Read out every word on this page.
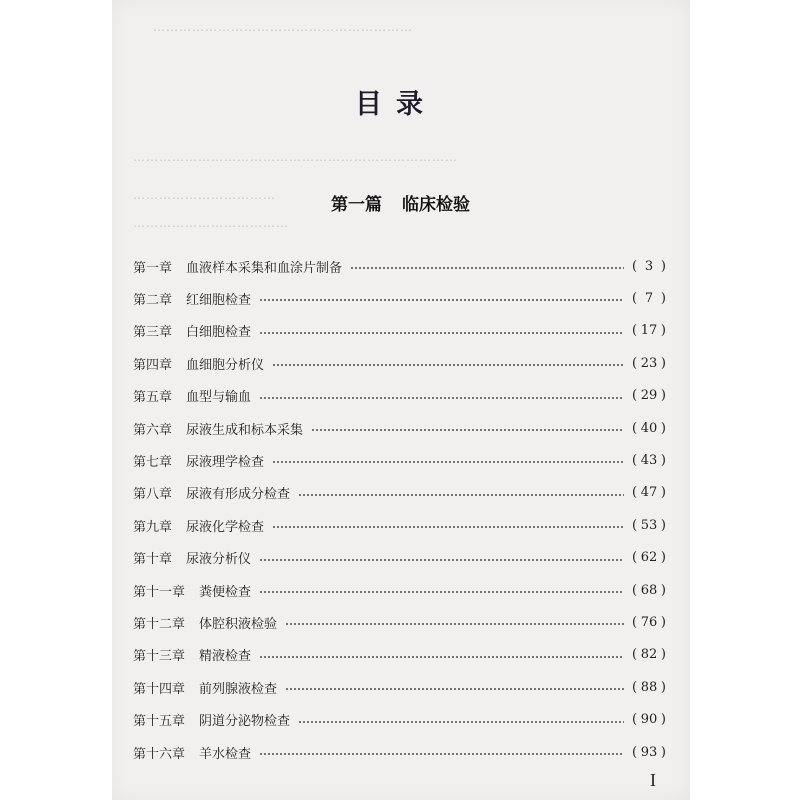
……………………………………………………
…………………………………………………………………
……………………………
………………………………
目录
第一篇 临床检验
第一章 血液样本采集和血涂片制备	( 3 )
第二章 红细胞检查	( 7 )
第三章 白细胞检查	( 17 )
第四章 血细胞分析仪	( 23 )
第五章 血型与输血	( 29 )
第六章 尿液生成和标本采集	( 40 )
第七章 尿液理学检查	( 43 )
第八章 尿液有形成分检查	( 47 )
第九章 尿液化学检查	( 53 )
第十章 尿液分析仪	( 62 )
第十一章 粪便检查	( 68 )
第十二章 体腔积液检验	( 76 )
第十三章 精液检查	( 82 )
第十四章 前列腺液检查	( 88 )
第十五章 阴道分泌物检查	( 90 )
第十六章 羊水检查	( 93 )
I
